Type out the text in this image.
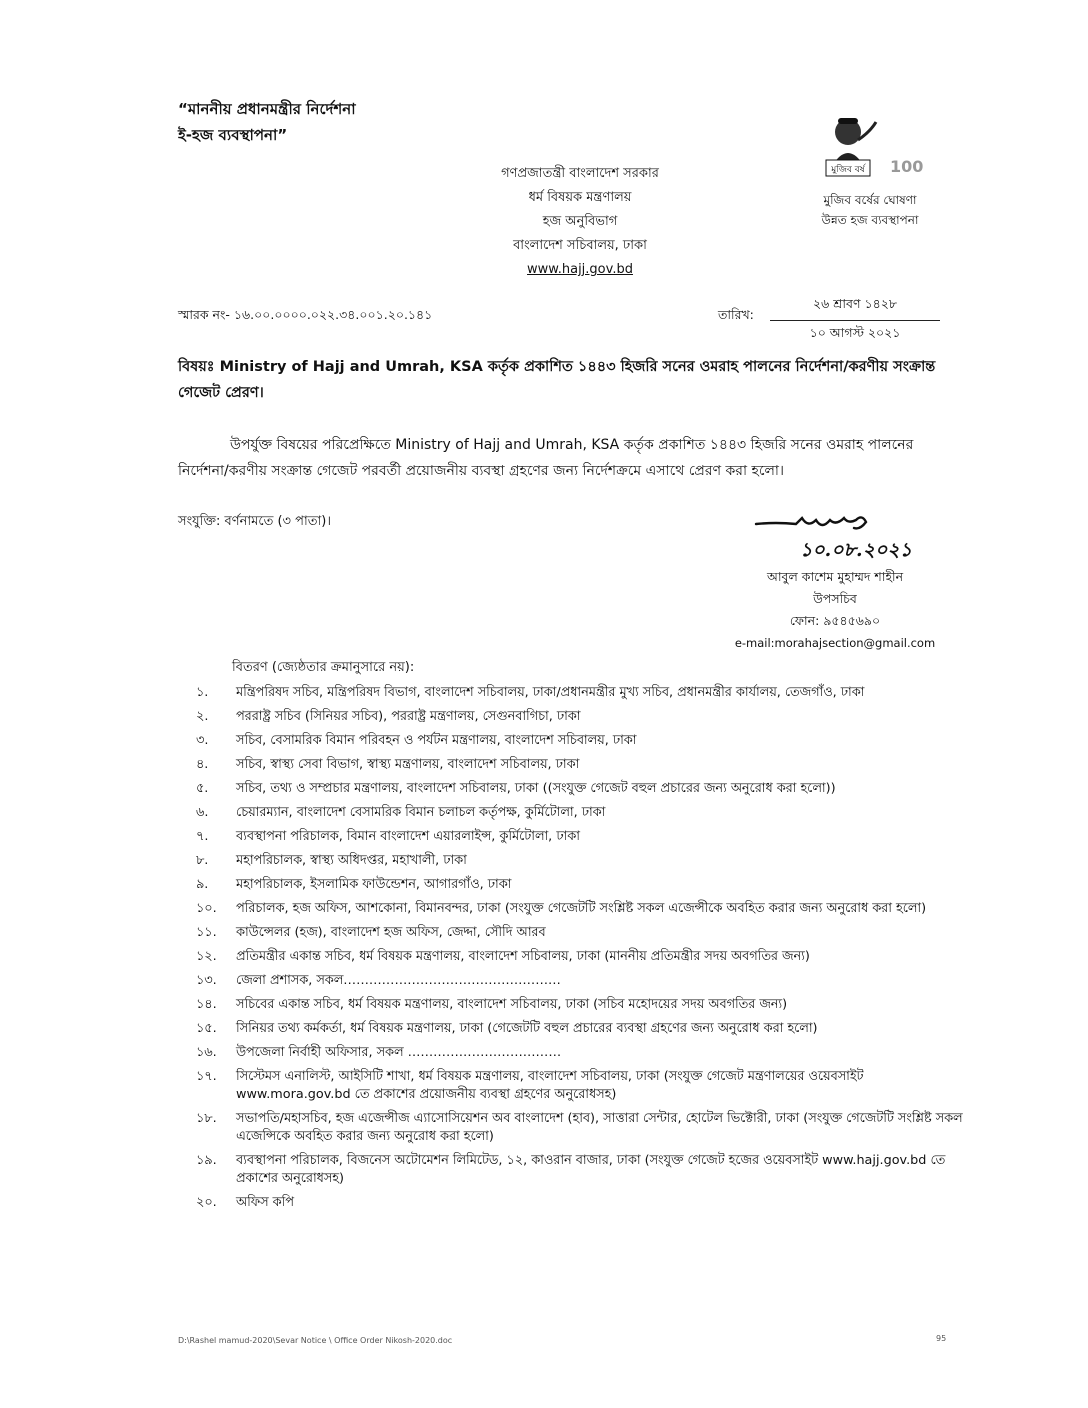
“মাননীয় প্রধানমন্ত্রীর নির্দেশনা
ই-হজ ব্যবস্থাপনা”
মুজিব বর্ষ 100
মুজিব বর্ষের ঘোষণা
উন্নত হজ ব্যবস্থাপনা
গণপ্রজাতন্ত্রী বাংলাদেশ সরকার
ধর্ম বিষয়ক মন্ত্রণালয়
হজ অনুবিভাগ
বাংলাদেশ সচিবালয়, ঢাকা
www.hajj.gov.bd
স্মারক নং- ১৬.০০.০০০০.০২২.৩৪.০০১.২০.১৪১	তারিখ:
২৬ শ্রাবণ ১৪২৮
১০ আগস্ট ২০২১
বিষয়ঃ Ministry of Hajj and Umrah, KSA কর্তৃক প্রকাশিত ১৪৪৩ হিজরি সনের ওমরাহ পালনের নির্দেশনা/করণীয় সংক্রান্ত গেজেট প্রেরণ।
উপর্যুক্ত বিষয়ের পরিপ্রেক্ষিতে Ministry of Hajj and Umrah, KSA কর্তৃক প্রকাশিত ১৪৪৩ হিজরি সনের ওমরাহ পালনের নির্দেশনা/করণীয় সংক্রান্ত গেজেট পরবর্তী প্রয়োজনীয় ব্যবস্থা গ্রহণের জন্য নির্দেশক্রমে এসাথে প্রেরণ করা হলো।
সংযুক্তি: বর্ণনামতে (৩ পাতা)।
১০.০৮.২০২১
আবুল কাশেম মুহাম্মদ শাহীন
উপসচিব
ফোন: ৯৫৪৫৬৯০
e-mail:morahajsection@gmail.com
বিতরণ (জ্যেষ্ঠতার ক্রমানুসারে নয়):
১.	মন্ত্রিপরিষদ সচিব, মন্ত্রিপরিষদ বিভাগ, বাংলাদেশ সচিবালয়, ঢাকা/প্রধানমন্ত্রীর মুখ্য সচিব, প্রধানমন্ত্রীর কার্যালয়, তেজগাঁও, ঢাকা
২.	পররাষ্ট্র সচিব (সিনিয়র সচিব), পররাষ্ট্র মন্ত্রণালয়, সেগুনবাগিচা, ঢাকা
৩.	সচিব, বেসামরিক বিমান পরিবহন ও পর্যটন মন্ত্রণালয়, বাংলাদেশ সচিবালয়, ঢাকা
৪.	সচিব, স্বাস্থ্য সেবা বিভাগ, স্বাস্থ্য মন্ত্রণালয়, বাংলাদেশ সচিবালয়, ঢাকা
৫.	সচিব, তথ্য ও সম্প্রচার মন্ত্রণালয়, বাংলাদেশ সচিবালয়, ঢাকা ((সংযুক্ত গেজেট বহুল প্রচারের জন্য অনুরোধ করা হলো))
৬.	চেয়ারম্যান, বাংলাদেশ বেসামরিক বিমান চলাচল কর্তৃপক্ষ, কুর্মিটোলা, ঢাকা
৭.	ব্যবস্থাপনা পরিচালক, বিমান বাংলাদেশ এয়ারলাইন্স, কুর্মিটোলা, ঢাকা
৮.	মহাপরিচালক, স্বাস্থ্য অধিদপ্তর, মহাখালী, ঢাকা
৯.	মহাপরিচালক, ইসলামিক ফাউন্ডেশন, আগারগাঁও, ঢাকা
১০.	পরিচালক, হজ অফিস, আশকোনা, বিমানবন্দর, ঢাকা (সংযুক্ত গেজেটটি সংশ্লিষ্ট সকল এজেন্সীকে অবহিত করার জন্য অনুরোধ করা হলো)
১১.	কাউন্সেলর (হজ), বাংলাদেশ হজ অফিস, জেদ্দা, সৌদি আরব
১২.	প্রতিমন্ত্রীর একান্ত সচিব, ধর্ম বিষয়ক মন্ত্রণালয়, বাংলাদেশ সচিবালয়, ঢাকা (মাননীয় প্রতিমন্ত্রীর সদয় অবগতির জন্য)
১৩.	জেলা প্রশাসক, সকল……………………………………………
১৪.	সচিবের একান্ত সচিব, ধর্ম বিষয়ক মন্ত্রণালয়, বাংলাদেশ সচিবালয়, ঢাকা (সচিব মহোদয়ের সদয় অবগতির জন্য)
১৫.	সিনিয়র তথ্য কর্মকর্তা, ধর্ম বিষয়ক মন্ত্রণালয়, ঢাকা (গেজেটটি বহুল প্রচারের ব্যবস্থা গ্রহণের জন্য অনুরোধ করা হলো)
১৬.	উপজেলা নির্বাহী অফিসার, সকল ………………………………
১৭.	সিস্টেমস এনালিস্ট, আইসিটি শাখা, ধর্ম বিষয়ক মন্ত্রণালয়, বাংলাদেশ সচিবালয়, ঢাকা (সংযুক্ত গেজেট মন্ত্রণালয়ের ওয়েবসাইট www.mora.gov.bd তে প্রকাশের প্রয়োজনীয় ব্যবস্থা গ্রহণের অনুরোধসহ)
১৮.	সভাপতি/মহাসচিব, হজ এজেন্সীজ এ্যাসোসিয়েশন অব বাংলাদেশ (হাব), সাত্তারা সেন্টার, হোটেল ভিক্টোরী, ঢাকা (সংযুক্ত গেজেটটি সংশ্লিষ্ট সকল এজেন্সিকে অবহিত করার জন্য অনুরোধ করা হলো)
১৯.	ব্যবস্থাপনা পরিচালক, বিজনেস অটোমেশন লিমিটেড, ১২, কাওরান বাজার, ঢাকা (সংযুক্ত গেজেট হজের ওয়েবসাইট www.hajj.gov.bd তে প্রকাশের অনুরোধসহ)
২০.	অফিস কপি
D:\Rashel mamud-2020\Sevar Notice \ Office Order Nikosh-2020.doc	95
